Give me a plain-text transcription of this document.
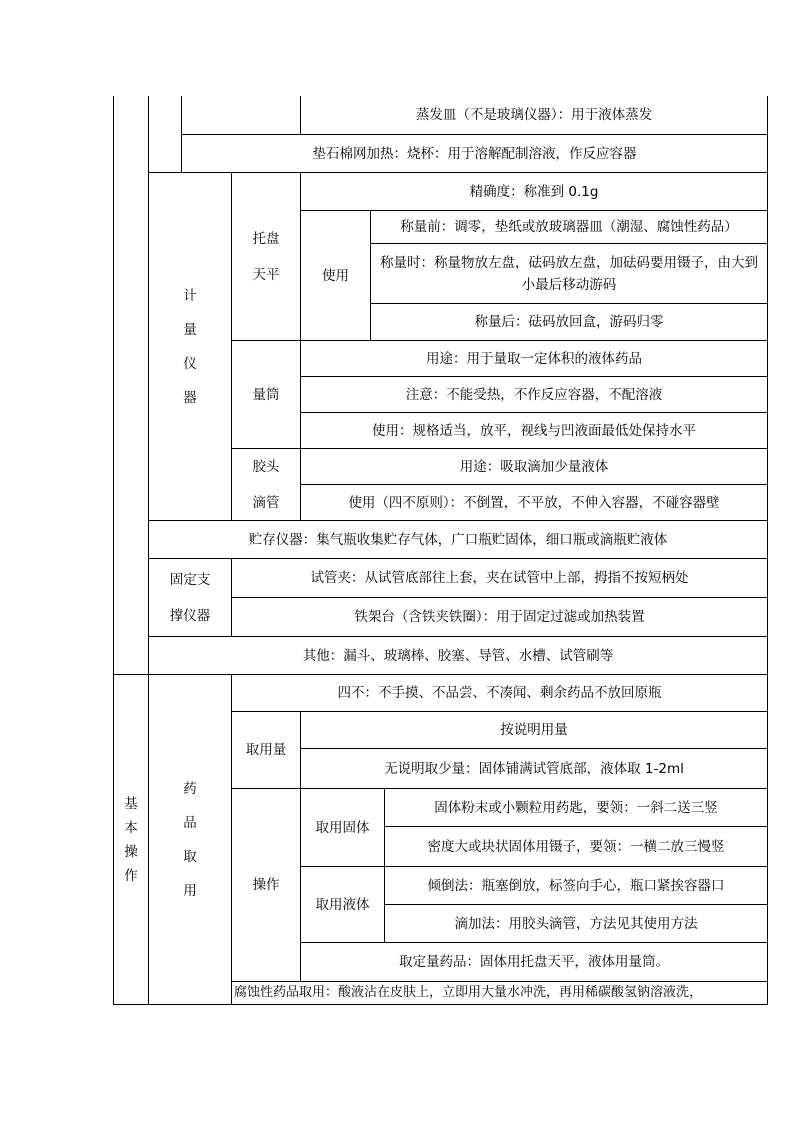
蒸发皿（不是玻璃仪器）：用于液体蒸发
垫石棉网加热：烧杯：用于溶解配制溶液，作反应容器
计
量
仪
器
托盘
天平
精确度：称准到 0.1g
使用
称量前：调零，垫纸或放玻璃器皿（潮湿、腐蚀性药品）
称量时：称量物放左盘，砝码放左盘，加砝码要用镊子，由大到小最后移动游码
称量后：砝码放回盒，游码归零
量筒
用途：用于量取一定体积的液体药品
注意：不能受热，不作反应容器，不配溶液
使用：规格适当，放平，视线与凹液面最低处保持水平
胶头
滴管
用途：吸取滴加少量液体
使用（四不原则）：不倒置，不平放，不伸入容器，不碰容器壁
贮存仪器：集气瓶收集贮存气体，广口瓶贮固体，细口瓶或滴瓶贮液体
固定支
撑仪器
试管夹：从试管底部往上套，夹在试管中上部，拇指不按短柄处
铁架台（含铁夹铁圈）：用于固定过滤或加热装置
其他：漏斗、玻璃棒、胶塞、导管、水槽、试管刷等
基
本
操
作
药
品
取
用
四不：不手摸、不品尝、不凑闻、剩余药品不放回原瓶
取用量
按说明用量
无说明取少量：固体铺满试管底部，液体取 1-2ml
操作
取用固体
固体粉末或小颗粒用药匙，要领：一斜二送三竖
密度大或块状固体用镊子，要领：一横二放三慢竖
取用液体
倾倒法：瓶塞倒放，标签向手心，瓶口紧挨容器口
滴加法：用胶头滴管，方法见其使用方法
取定量药品：固体用托盘天平，液体用量筒。
腐蚀性药品取用：酸液沾在皮肤上，立即用大量水冲洗，再用稀碳酸氢钠溶液洗，
